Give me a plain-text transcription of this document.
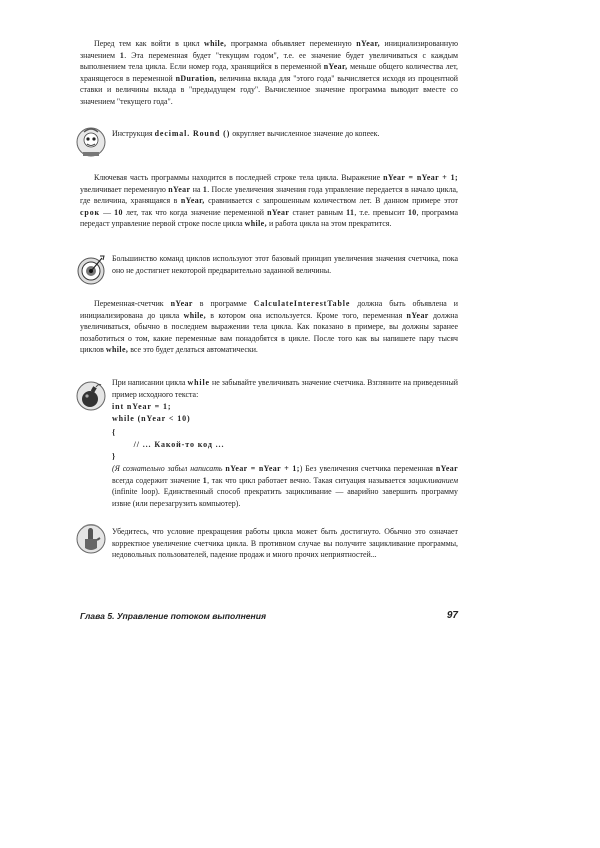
Перед тем как войти в цикл while, программа объявляет переменную nYear, инициализированную значением 1. Эта переменная будет "текущим годом", т.е. ее значение будет увеличиваться с каждым выполнением тела цикла. Если номер года, хранящийся в переменной nYear, меньше общего количества лет, хранящегося в переменной nDuration, величина вклада для "этого года" вычисляется исходя из процентной ставки и величины вклада в "предыдущем году". Вычисленное значение программа выводит вместе со значением "текущего года".

Инструкция decimal. Round () округляет вычисленное значение до копеек.

Ключевая часть программы находится в последней строке тела цикла. Выражение nYear = nYear + 1; увеличивает переменную nYear на 1. После увеличения значения года управление передается в начало цикла, где величина, хранящаяся в nYear, сравнивается с запрошенным количеством лет. В данном примере этот срок — 10 лет, так что когда значение переменной nYear станет равным 11, т.е. превысит 10, программа передаст управление первой строке после цикла while, и работа цикла на этом прекратится.

Большинство команд циклов используют этот базовый принцип увеличения значения счетчика, пока оно не достигнет некоторой предварительно заданной величины.

Переменная-счетчик nYear в программе CalculateInterestTable должна быть объявлена и инициализирована до цикла while, в котором она используется. Кроме того, переменная nYear должна увеличиваться, обычно в последнем выражении тела цикла. Как показано в примере, вы должны заранее позаботиться о том, какие переменные вам понадобятся в цикле. После того как вы напишете пару тысяч циклов while, все это будет делаться автоматически.

При написании цикла while не забывайте увеличивать значение счетчика. Взгляните на приведенный пример исходного текста:

int nYear = 1;
while (nYear < 10)
{
// ... Какой-то код ...
}

(Я сознательно забыл написать nYear = nYear + 1;) Без увеличения счетчика переменная nYear всегда содержит значение 1, так что цикл работает вечно. Такая ситуация называется зацикливанием (infinite loop). Единственный способ прекратить зацикливание — аварийно завершить программу извне (или перезагрузить компьютер).

Убедитесь, что условие прекращения работы цикла может быть достигнуто. Обычно это означает корректное увеличение счетчика цикла. В противном случае вы получите зацикливание программы, недовольных пользователей, падение продаж и много прочих неприятностей...

Глава 5. Управление потоком выполнения	97
